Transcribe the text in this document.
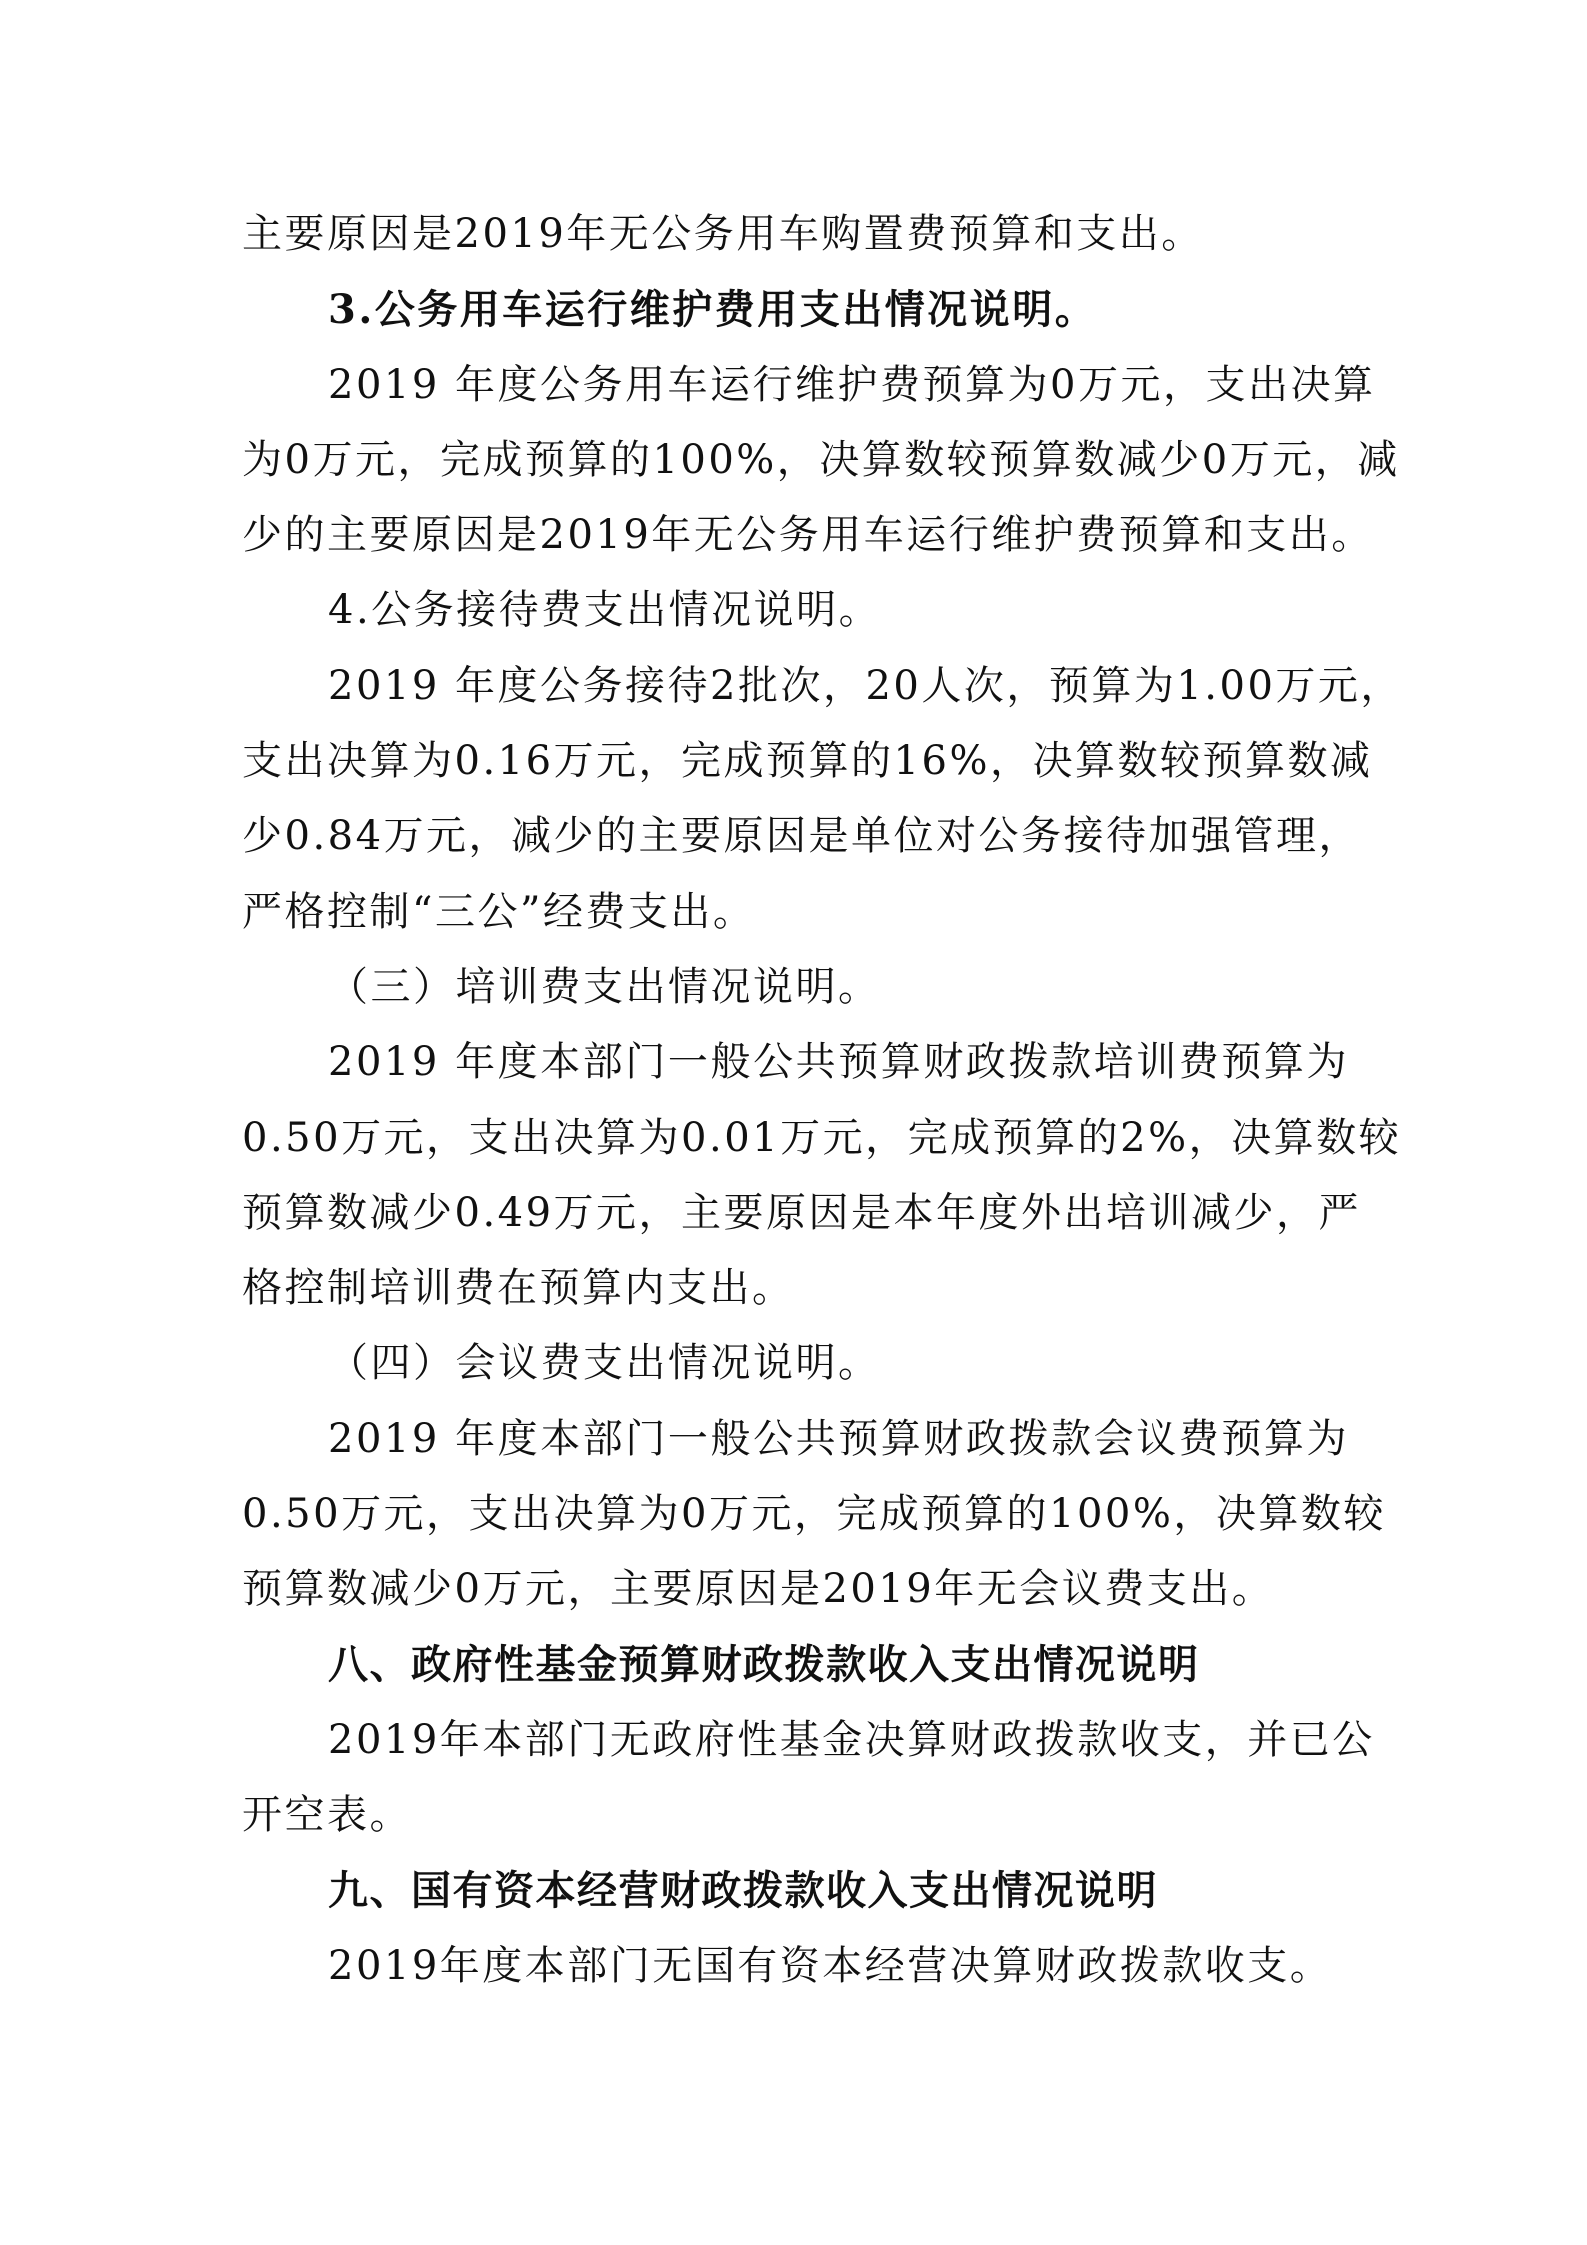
主要原因是2019年无公务用车购置费预算和支出。
3.公务用车运行维护费用支出情况说明。
2019 年度公务用车运行维护费预算为0万元，支出决算
为0万元，完成预算的100%，决算数较预算数减少0万元，减
少的主要原因是2019年无公务用车运行维护费预算和支出。
4.公务接待费支出情况说明。
2019 年度公务接待2批次，20人次，预算为1.00万元，
支出决算为0.16万元，完成预算的16%，决算数较预算数减
少0.84万元，减少的主要原因是单位对公务接待加强管理，
严格控制“三公”经费支出。
（三）培训费支出情况说明。
2019 年度本部门一般公共预算财政拨款培训费预算为
0.50万元，支出决算为0.01万元，完成预算的2%，决算数较
预算数减少0.49万元，主要原因是本年度外出培训减少，严
格控制培训费在预算内支出。
（四）会议费支出情况说明。
2019 年度本部门一般公共预算财政拨款会议费预算为
0.50万元，支出决算为0万元，完成预算的100%，决算数较
预算数减少0万元，主要原因是2019年无会议费支出。
八、政府性基金预算财政拨款收入支出情况说明
2019年本部门无政府性基金决算财政拨款收支，并已公
开空表。
九、国有资本经营财政拨款收入支出情况说明
2019年度本部门无国有资本经营决算财政拨款收支。
